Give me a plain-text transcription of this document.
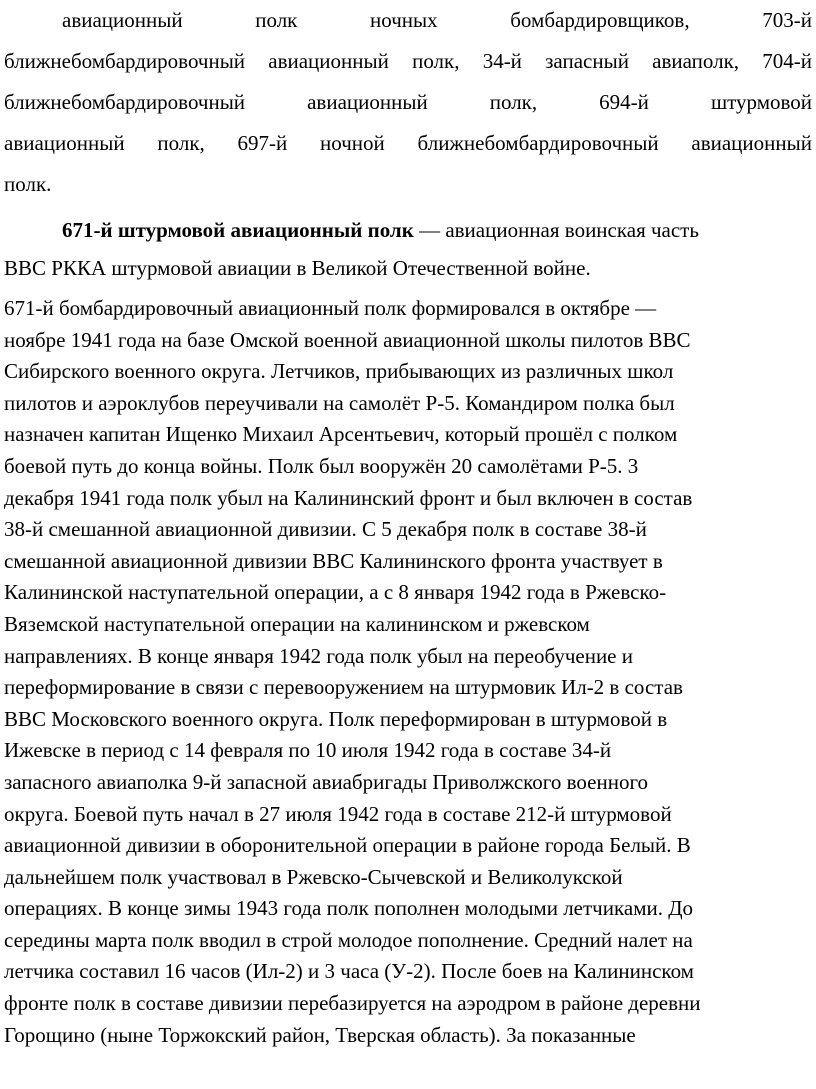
авиационный	полк	ночных	бомбардировщиков,	703-й
ближнебомбардировочный авиационный полк, 34-й запасный авиаполк, 704-й
ближнебомбардировочный	авиационный	полк,	694-й	штурмовой
авиационный полк, 697-й ночной ближнебомбардировочный авиационный
полк.
671-й штурмовой авиационный полк — авиационная воинская часть
ВВС РККА штурмовой авиации в Великой Отечественной войне.
671-й бомбардировочный авиационный полк формировался в октябре —
ноябре 1941 года на базе Омской военной авиационной школы пилотов ВВС
Сибирского военного округа. Летчиков, прибывающих из различных школ
пилотов и аэроклубов переучивали на самолёт Р-5. Командиром полка был
назначен капитан Ищенко Михаил Арсентьевич, который прошёл с полком
боевой путь до конца войны. Полк был вооружён 20 самолётами Р-5. 3
декабря 1941 года полк убыл на Калининский фронт и был включен в состав
38-й смешанной авиационной дивизии. С 5 декабря полк в составе 38-й
смешанной авиационной дивизии ВВС Калининского фронта участвует в
Калининской наступательной операции, а с 8 января 1942 года в Ржевско-
Вяземской наступательной операции на калининском и ржевском
направлениях. В конце января 1942 года полк убыл на переобучение и
переформирование в связи с перевооружением на штурмовик Ил-2 в состав
ВВС Московского военного округа. Полк переформирован в штурмовой в
Ижевске в период с 14 февраля по 10 июля 1942 года в составе 34-й
запасного авиаполка 9-й запасной авиабригады Приволжского военного
округа. Боевой путь начал в 27 июля 1942 года в составе 212-й штурмовой
авиационной дивизии в оборонительной операции в районе города Белый. В
дальнейшем полк участвовал в Ржевско-Сычевской и Великолукской
операциях. В конце зимы 1943 года полк пополнен молодыми летчиками. До
середины марта полк вводил в строй молодое пополнение. Средний налет на
летчика составил 16 часов (Ил-2) и 3 часа (У-2). После боев на Калининском
фронте полк в составе дивизии перебазируется на аэродром в районе деревни
Горощино (ныне Торжокский район, Тверская область). За показанные
